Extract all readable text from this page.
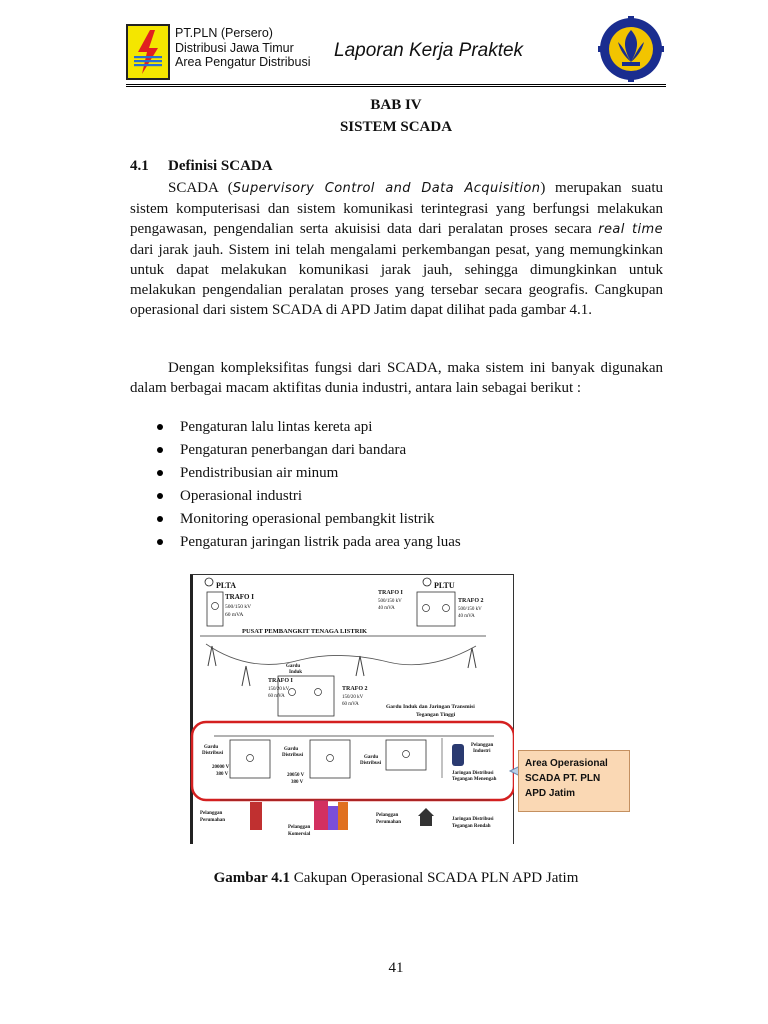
PT.PLN (Persero)
Distribusi Jawa Timur
Area Pengatur Distribusi
Laporan Kerja Praktek
BAB IV
SISTEM SCADA
4.1 Definisi SCADA

SCADA (Supervisory Control and Data Acquisition) merupakan suatu sistem komputerisasi dan sistem komunikasi terintegrasi yang berfungsi melakukan pengawasan, pengendalian serta akuisisi data dari peralatan proses secara real time dari jarak jauh. Sistem ini telah mengalami perkembangan pesat, yang memungkinkan untuk dapat melakukan komunikasi jarak jauh, sehingga dimungkinkan untuk melakukan pengendalian peralatan proses yang tersebar secara geografis. Cangkupan operasional dari sistem SCADA di APD Jatim dapat dilihat pada gambar 4.1.

Dengan kompleksifitas fungsi dari SCADA, maka sistem ini banyak digunakan dalam berbagai macam aktifitas dunia industri, antara lain sebagai berikut :

Pengaturan lalu lintas kereta api
Pengaturan penerbangan dari bandara
Pendistribusian air minum
Operasional industri
Monitoring operasional pembangkit listrik
Pengaturan jaringan listrik pada area yang luas
PLTA
TRAFO I
500/150 kV
60 mVA
PLTU
TRAFO I
500/150 kV
40 mVA
TRAFO 2
500/150 kV
40 mVA
PUSAT PEMBANGKIT TENAGA LISTRIK
Gardu
Induk
TRAFO I
150/20 kV
60 mVA
TRAFO 2
150/20 kV
60 mVA	Gardu Induk dan Jaringan Transmisi
Tegangan Tinggi
Gardu
Distribusi
20000 V
380 V
Gardu
Distribusi
20050 V
380 V
Gardu
Distribusi
Pelanggan
Industri
Jaringan Distribusi
Tegangan Menengah
Pelanggan
Perumahan
Pelanggan
Komersial
Pelanggan
Perumahan
Jaringan Distribusi
Tegangan Rendah
Area Operasional
SCADA PT. PLN
APD Jatim
Gambar 4.1 Cakupan Operasional SCADA PLN APD Jatim
41
